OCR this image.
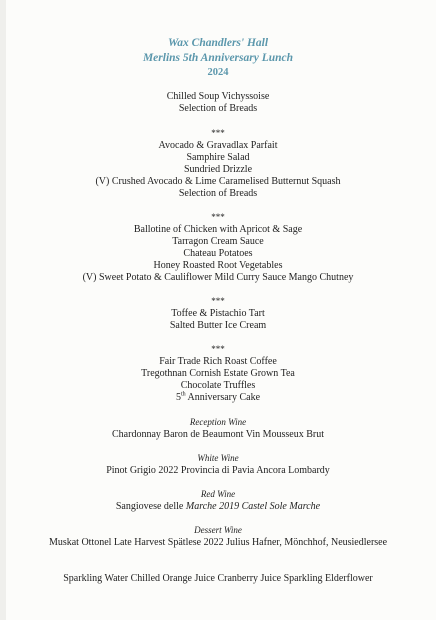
Wax Chandlers' Hall
Merlins 5th Anniversary Lunch
2024
Chilled Soup Vichyssoise
Selection of Breads
***
Avocado & Gravadlax Parfait
Samphire Salad
Sundried Drizzle
(V) Crushed Avocado & Lime Caramelised Butternut Squash
Selection of Breads
***
Ballotine of Chicken with Apricot & Sage
Tarragon Cream Sauce
Chateau Potatoes
Honey Roasted Root Vegetables
(V) Sweet Potato & Cauliflower Mild Curry Sauce Mango Chutney
***
Toffee & Pistachio Tart
Salted Butter Ice Cream
***
Fair Trade Rich Roast Coffee
Tregothnan Cornish Estate Grown Tea
Chocolate Truffles
5th Anniversary Cake
Reception Wine
Chardonnay Baron de Beaumont Vin Mousseux Brut
White Wine
Pinot Grigio 2022 Provincia di Pavia Ancora Lombardy
Red Wine
Sangiovese delle Marche 2019 Castel Sole Marche
Dessert Wine
Muskat Ottonel Late Harvest Spätlese 2022 Julius Hafner, Mönchhof, Neusiedlersee
Sparkling Water Chilled Orange Juice Cranberry Juice Sparkling Elderflower
